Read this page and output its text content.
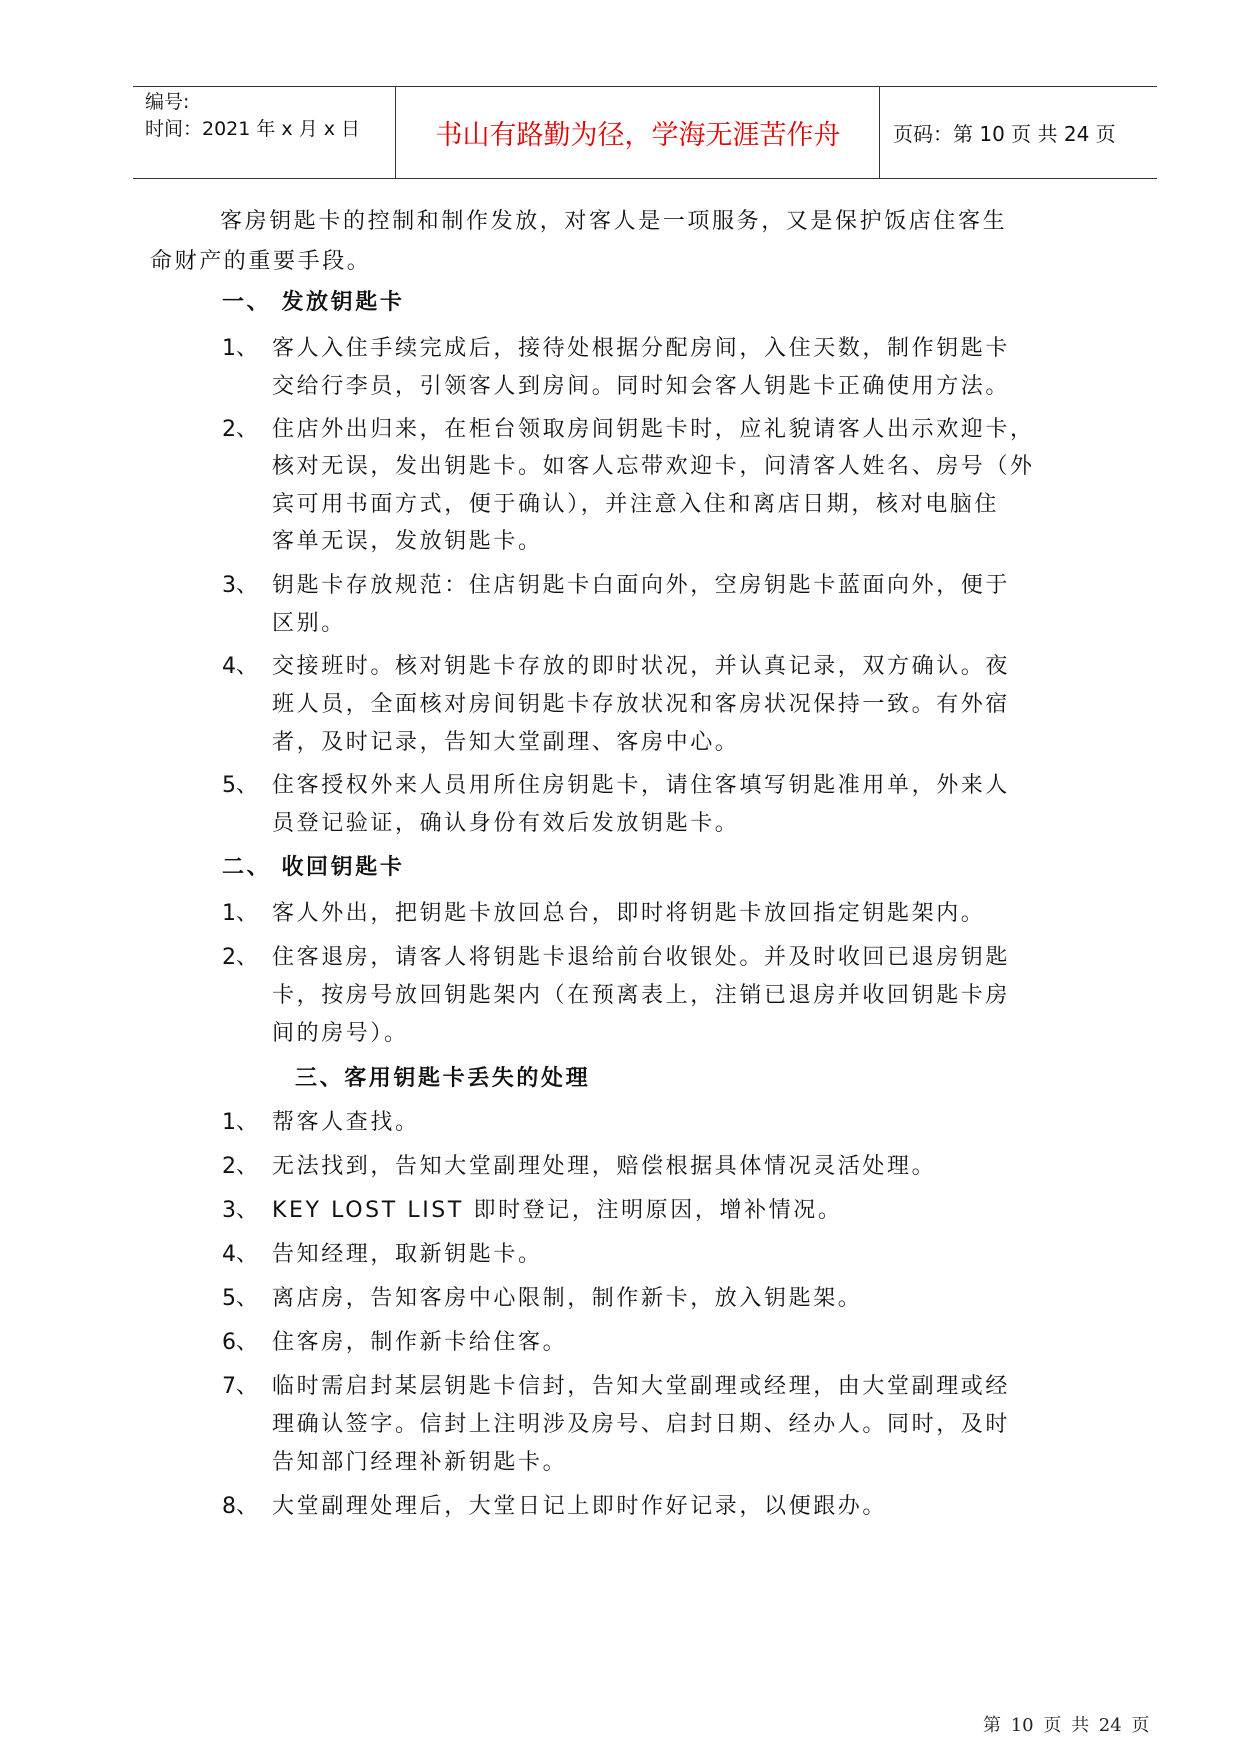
编号:
时间：2021 年 x 月 x 日	书山有路勤为径，学海无涯苦作舟	页码：第 10 页 共 24 页
客房钥匙卡的控制和制作发放，对客人是一项服务，又是保护饭店住客生
命财产的重要手段。
一、 发放钥匙卡
1、 客人入住手续完成后，接待处根据分配房间，入住天数，制作钥匙卡
交给行李员，引领客人到房间。同时知会客人钥匙卡正确使用方法。
2、 住店外出归来，在柜台领取房间钥匙卡时，应礼貌请客人出示欢迎卡，
核对无误，发出钥匙卡。如客人忘带欢迎卡，问清客人姓名、房号（外
宾可用书面方式，便于确认），并注意入住和离店日期，核对电脑住
客单无误，发放钥匙卡。
3、 钥匙卡存放规范：住店钥匙卡白面向外，空房钥匙卡蓝面向外，便于
区别。
4、 交接班时。核对钥匙卡存放的即时状况，并认真记录，双方确认。夜
班人员，全面核对房间钥匙卡存放状况和客房状况保持一致。有外宿
者，及时记录，告知大堂副理、客房中心。
5、 住客授权外来人员用所住房钥匙卡，请住客填写钥匙准用单，外来人
员登记验证，确认身份有效后发放钥匙卡。
二、 收回钥匙卡
1、 客人外出，把钥匙卡放回总台，即时将钥匙卡放回指定钥匙架内。
2、 住客退房，请客人将钥匙卡退给前台收银处。并及时收回已退房钥匙
卡，按房号放回钥匙架内（在预离表上，注销已退房并收回钥匙卡房
间的房号）。
三、客用钥匙卡丢失的处理
1、 帮客人查找。
2、 无法找到，告知大堂副理处理，赔偿根据具体情况灵活处理。
3、 KEY LOST LIST 即时登记，注明原因，增补情况。
4、 告知经理，取新钥匙卡。
5、 离店房，告知客房中心限制，制作新卡，放入钥匙架。
6、 住客房，制作新卡给住客。
7、 临时需启封某层钥匙卡信封，告知大堂副理或经理，由大堂副理或经
理确认签字。信封上注明涉及房号、启封日期、经办人。同时，及时
告知部门经理补新钥匙卡。
8、 大堂副理处理后，大堂日记上即时作好记录，以便跟办。
第 10 页 共 24 页
